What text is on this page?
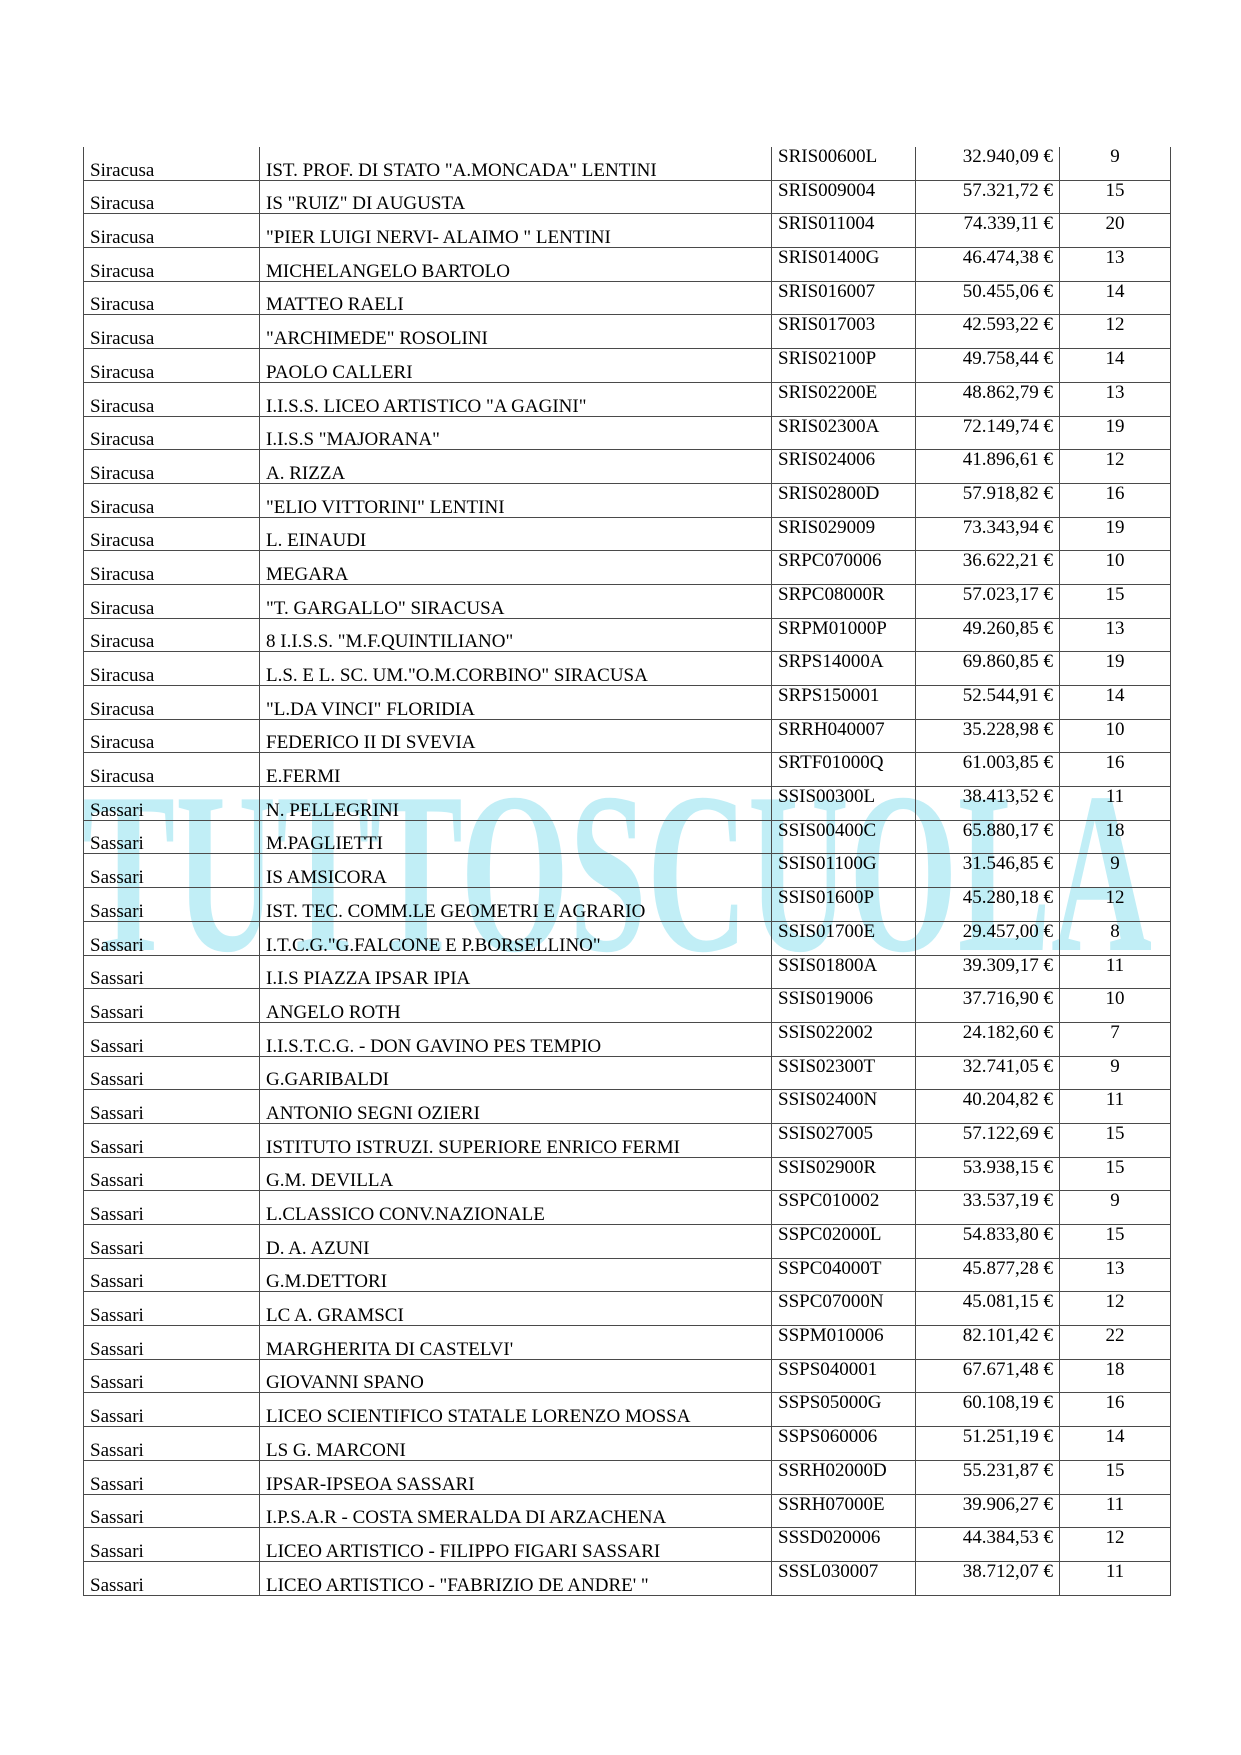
TUTTOSCUOLA
Siracusa	IST. PROF. DI STATO "A.MONCADA" LENTINI	SRIS00600L	32.940,09 €	9
Siracusa	IS "RUIZ" DI AUGUSTA	SRIS009004	57.321,72 €	15
Siracusa	"PIER LUIGI NERVI- ALAIMO " LENTINI	SRIS011004	74.339,11 €	20
Siracusa	MICHELANGELO BARTOLO	SRIS01400G	46.474,38 €	13
Siracusa	MATTEO RAELI	SRIS016007	50.455,06 €	14
Siracusa	"ARCHIMEDE" ROSOLINI	SRIS017003	42.593,22 €	12
Siracusa	PAOLO CALLERI	SRIS02100P	49.758,44 €	14
Siracusa	I.I.S.S. LICEO ARTISTICO "A GAGINI"	SRIS02200E	48.862,79 €	13
Siracusa	I.I.S.S "MAJORANA"	SRIS02300A	72.149,74 €	19
Siracusa	A. RIZZA	SRIS024006	41.896,61 €	12
Siracusa	"ELIO VITTORINI" LENTINI	SRIS02800D	57.918,82 €	16
Siracusa	L. EINAUDI	SRIS029009	73.343,94 €	19
Siracusa	MEGARA	SRPC070006	36.622,21 €	10
Siracusa	"T. GARGALLO" SIRACUSA	SRPC08000R	57.023,17 €	15
Siracusa	8 I.I.S.S. "M.F.QUINTILIANO"	SRPM01000P	49.260,85 €	13
Siracusa	L.S. E L. SC. UM."O.M.CORBINO" SIRACUSA	SRPS14000A	69.860,85 €	19
Siracusa	"L.DA VINCI" FLORIDIA	SRPS150001	52.544,91 €	14
Siracusa	FEDERICO II DI SVEVIA	SRRH040007	35.228,98 €	10
Siracusa	E.FERMI	SRTF01000Q	61.003,85 €	16
Sassari	N. PELLEGRINI	SSIS00300L	38.413,52 €	11
Sassari	M.PAGLIETTI	SSIS00400C	65.880,17 €	18
Sassari	IS AMSICORA	SSIS01100G	31.546,85 €	9
Sassari	IST. TEC. COMM.LE GEOMETRI E AGRARIO	SSIS01600P	45.280,18 €	12
Sassari	I.T.C.G."G.FALCONE E P.BORSELLINO"	SSIS01700E	29.457,00 €	8
Sassari	I.I.S PIAZZA IPSAR IPIA	SSIS01800A	39.309,17 €	11
Sassari	ANGELO ROTH	SSIS019006	37.716,90 €	10
Sassari	I.I.S.T.C.G. - DON GAVINO PES TEMPIO	SSIS022002	24.182,60 €	7
Sassari	G.GARIBALDI	SSIS02300T	32.741,05 €	9
Sassari	ANTONIO SEGNI OZIERI	SSIS02400N	40.204,82 €	11
Sassari	ISTITUTO ISTRUZI. SUPERIORE ENRICO FERMI	SSIS027005	57.122,69 €	15
Sassari	G.M. DEVILLA	SSIS02900R	53.938,15 €	15
Sassari	L.CLASSICO CONV.NAZIONALE	SSPC010002	33.537,19 €	9
Sassari	D. A. AZUNI	SSPC02000L	54.833,80 €	15
Sassari	G.M.DETTORI	SSPC04000T	45.877,28 €	13
Sassari	LC A. GRAMSCI	SSPC07000N	45.081,15 €	12
Sassari	MARGHERITA DI CASTELVI'	SSPM010006	82.101,42 €	22
Sassari	GIOVANNI SPANO	SSPS040001	67.671,48 €	18
Sassari	LICEO SCIENTIFICO STATALE LORENZO MOSSA	SSPS05000G	60.108,19 €	16
Sassari	LS G. MARCONI	SSPS060006	51.251,19 €	14
Sassari	IPSAR-IPSEOA SASSARI	SSRH02000D	55.231,87 €	15
Sassari	I.P.S.A.R - COSTA SMERALDA DI ARZACHENA	SSRH07000E	39.906,27 €	11
Sassari	LICEO ARTISTICO - FILIPPO FIGARI SASSARI	SSSD020006	44.384,53 €	12
Sassari	LICEO ARTISTICO - "FABRIZIO DE ANDRE' "	SSSL030007	38.712,07 €	11
